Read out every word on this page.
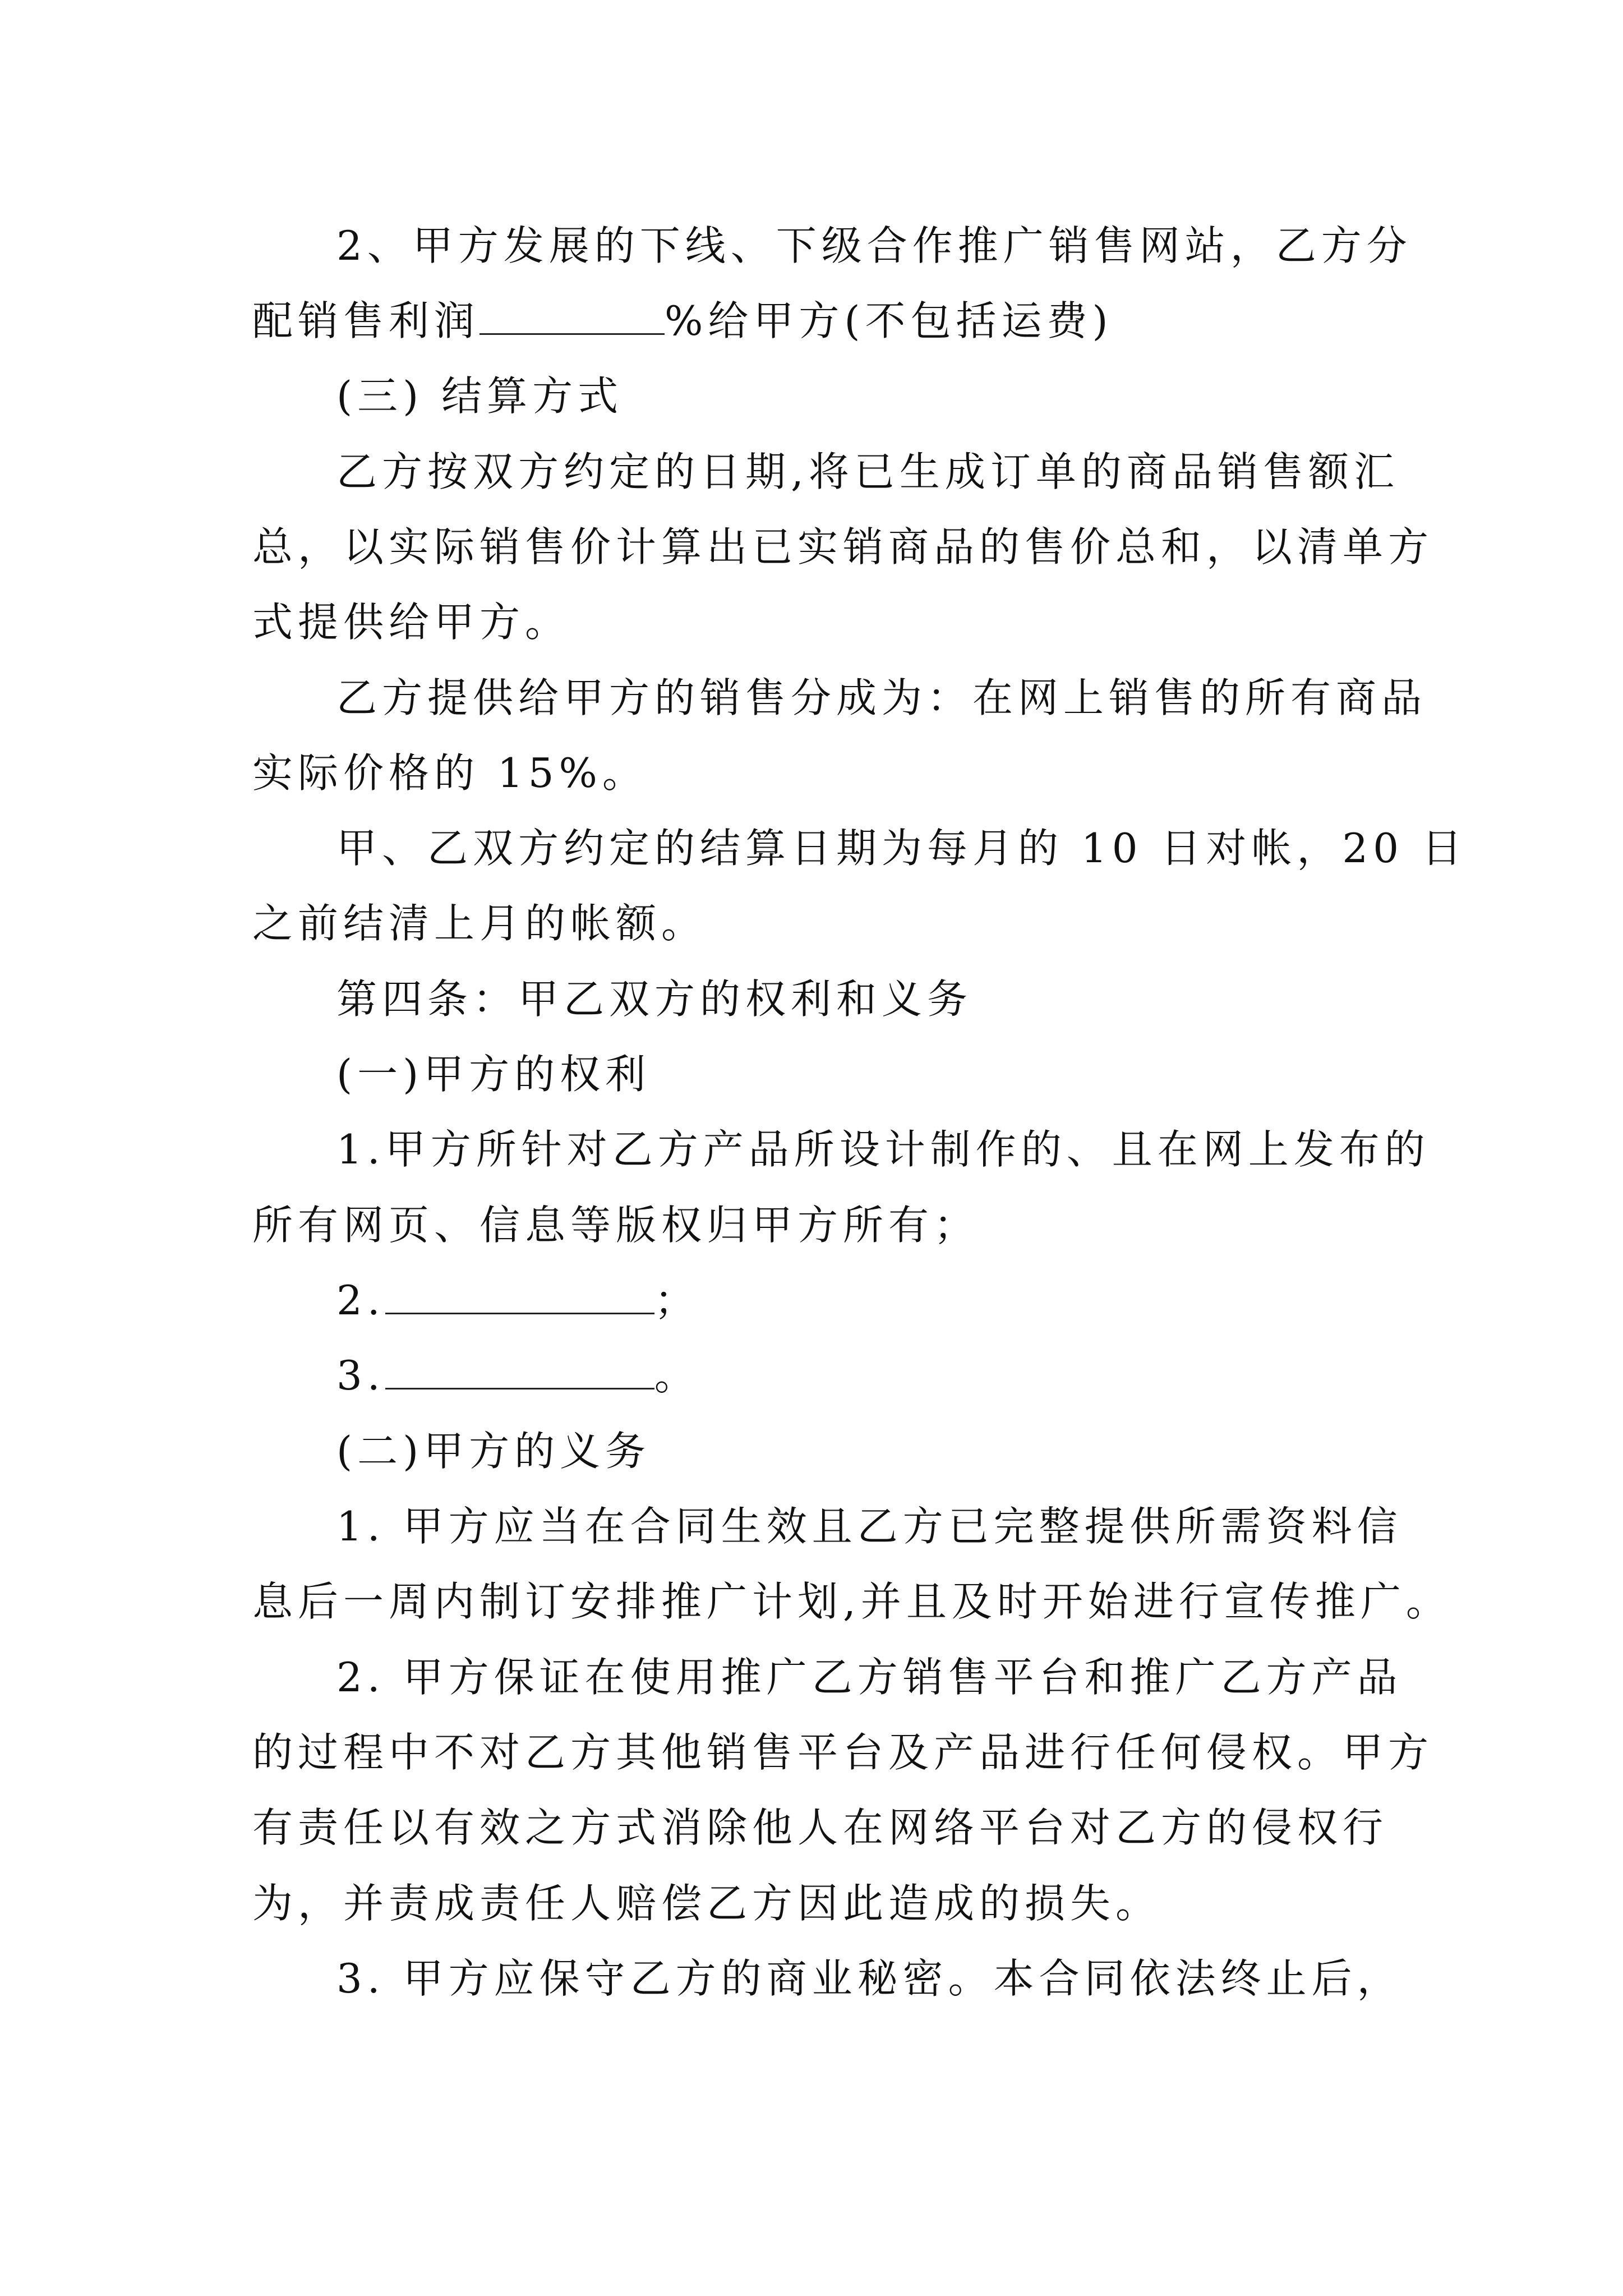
2、甲方发展的下线、下级合作推广销售网站，乙方分
配销售利润	%给甲方(不包括运费)
(三) 结算方式
乙方按双方约定的日期,将已生成订单的商品销售额汇
总，以实际销售价计算出已实销商品的售价总和，以清单方
式提供给甲方。
乙方提供给甲方的销售分成为：在网上销售的所有商品
实际价格的 15%。
甲、乙双方约定的结算日期为每月的 10 日对帐，20 日
之前结清上月的帐额。
第四条：甲乙双方的权利和义务
(一)甲方的权利
1.甲方所针对乙方产品所设计制作的、且在网上发布的
所有网页、信息等版权归甲方所有；
2.	；
3.	。
(二)甲方的义务
1. 甲方应当在合同生效且乙方已完整提供所需资料信
息后一周内制订安排推广计划,并且及时开始进行宣传推广。
2. 甲方保证在使用推广乙方销售平台和推广乙方产品
的过程中不对乙方其他销售平台及产品进行任何侵权。甲方
有责任以有效之方式消除他人在网络平台对乙方的侵权行
为，并责成责任人赔偿乙方因此造成的损失。
3. 甲方应保守乙方的商业秘密。本合同依法终止后，
